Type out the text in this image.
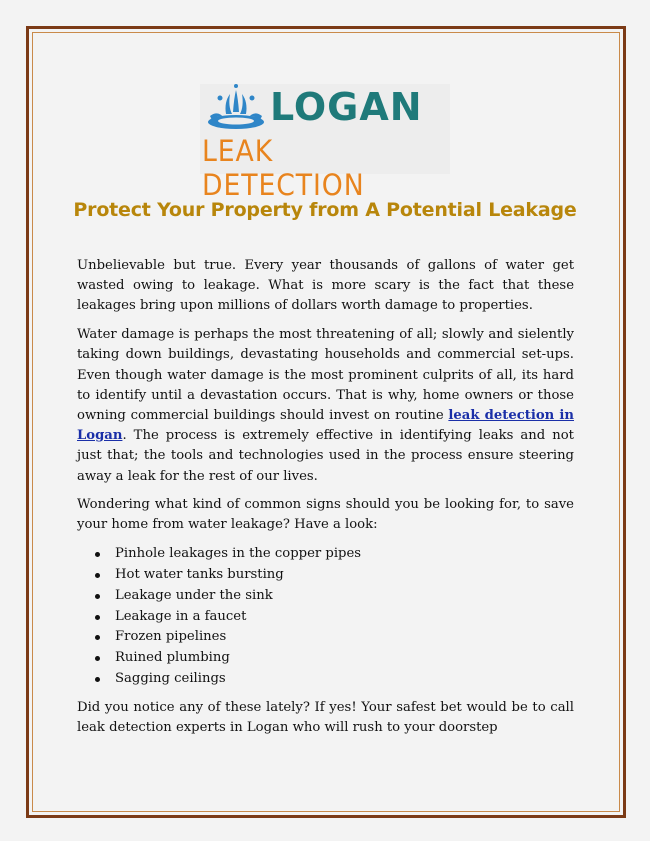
LOGAN
LEAK DETECTION
Protect Your Property from A Potential Leakage

Unbelievable but true. Every year thousands of gallons of water get wasted owing to leakage. What is more scary is the fact that these leakages bring upon millions of dollars worth damage to properties.

Water damage is perhaps the most threatening of all; slowly and sielently taking down buildings, devastating households and commercial set-ups. Even though water damage is the most prominent culprits of all, its hard to identify until a devastation occurs. That is why, home owners or those owning commercial buildings should invest on routine leak detection in Logan. The process is extremely effective in identifying leaks and not just that; the tools and technologies used in the process ensure steering away a leak for the rest of our lives.

Wondering what kind of common signs should you be looking for, to save your home from water leakage? Have a look:

Pinhole leakages in the copper pipes
Hot water tanks bursting
Leakage under the sink
Leakage in a faucet
Frozen pipelines
Ruined plumbing
Sagging ceilings

Did you notice any of these lately? If yes! Your safest bet would be to call leak detection experts in Logan who will rush to your doorstep
